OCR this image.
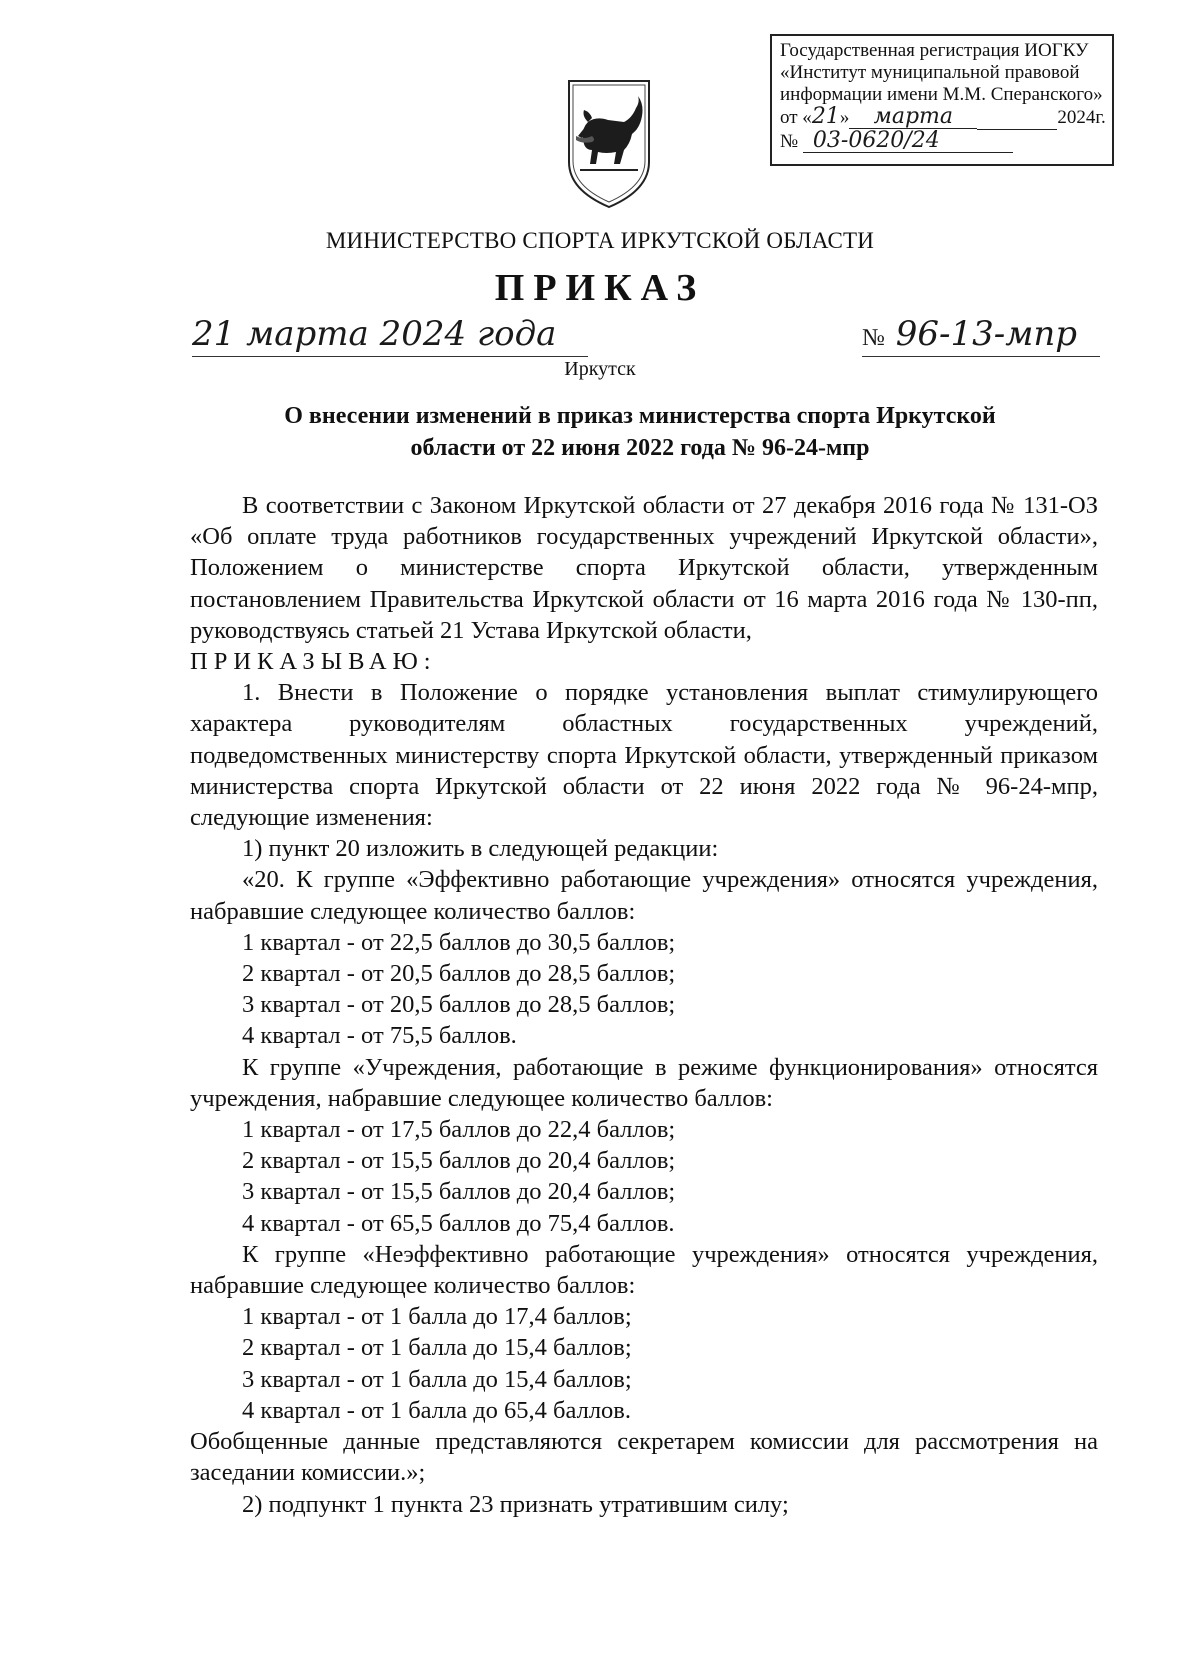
Государственная регистрация ИОГКУ
«Институт муниципальной правовой
информации имени М.М. Сперанского»
от «21» марта	2024г.
№ 03-0620/24
МИНИСТЕРСТВО СПОРТА ИРКУТСКОЙ ОБЛАСТИ
ПРИКАЗ
21 марта 2024 года	№ 96-13-мпр
Иркутск
О внесении изменений в приказ министерства спорта Иркутской
области от 22 июня 2022 года № 96-24-мпр

В соответствии с Законом Иркутской области от 27 декабря 2016 года № 131-ОЗ «Об оплате труда работников государственных учреждений Иркутской области», Положением о министерстве спорта Иркутской области, утвержденным постановлением Правительства Иркутской области от 16 марта 2016 года № 130-пп, руководствуясь статьей 21 Устава Иркутской области,

ПРИКАЗЫВАЮ:

1. Внести в Положение о порядке установления выплат стимулирующего характера руководителям областных государственных учреждений, подведомственных министерству спорта Иркутской области, утвержденный приказом министерства спорта Иркутской области от 22 июня 2022 года № 96-24-мпр, следующие изменения:

1) пункт 20 изложить в следующей редакции:

«20. К группе «Эффективно работающие учреждения» относятся учреждения, набравшие следующее количество баллов:

1 квартал - от 22,5 баллов до 30,5 баллов;

2 квартал - от 20,5 баллов до 28,5 баллов;

3 квартал - от 20,5 баллов до 28,5 баллов;

4 квартал - от 75,5 баллов.

К группе «Учреждения, работающие в режиме функционирования» относятся учреждения, набравшие следующее количество баллов:

1 квартал - от 17,5 баллов до 22,4 баллов;

2 квартал - от 15,5 баллов до 20,4 баллов;

3 квартал - от 15,5 баллов до 20,4 баллов;

4 квартал - от 65,5 баллов до 75,4 баллов.

К группе «Неэффективно работающие учреждения» относятся учреждения, набравшие следующее количество баллов:

1 квартал - от 1 балла до 17,4 баллов;

2 квартал - от 1 балла до 15,4 баллов;

3 квартал - от 1 балла до 15,4 баллов;

4 квартал - от 1 балла до 65,4 баллов.

Обобщенные данные представляются секретарем комиссии для рассмотрения на заседании комиссии.»;

2) подпункт 1 пункта 23 признать утратившим силу;
